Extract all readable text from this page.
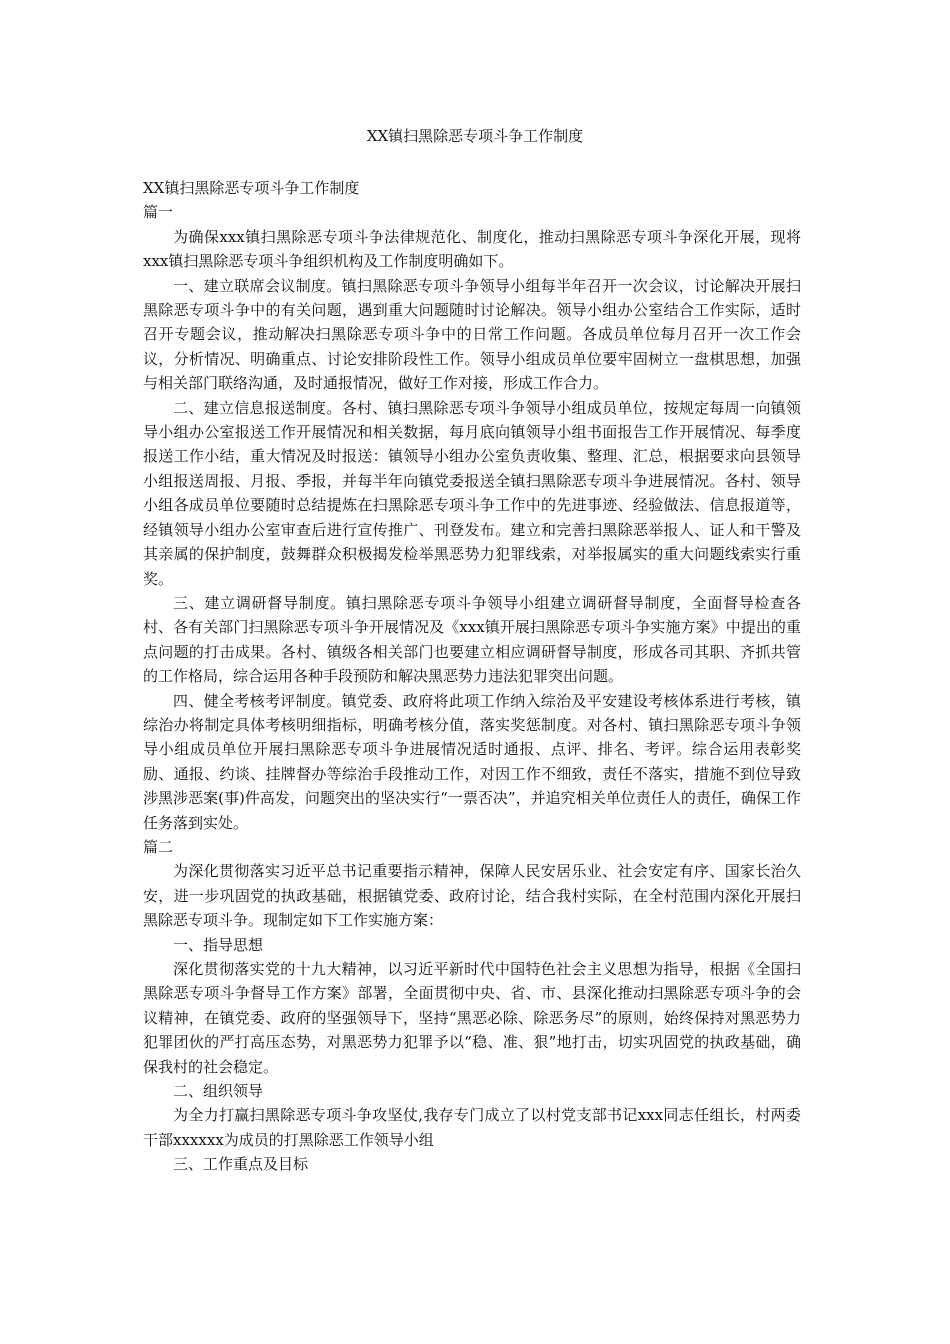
XX镇扫黑除恶专项斗争工作制度

XX镇扫黑除恶专项斗争工作制度

篇一

为确保xxx镇扫黑除恶专项斗争法律规范化、制度化，推动扫黑除恶专项斗争深化开展，现将xxx镇扫黑除恶专项斗争组织机构及工作制度明确如下。

一、建立联席会议制度。镇扫黑除恶专项斗争领导小组每半年召开一次会议，讨论解决开展扫黑除恶专项斗争中的有关问题，遇到重大问题随时讨论解决。领导小组办公室结合工作实际，适时召开专题会议，推动解决扫黑除恶专项斗争中的日常工作问题。各成员单位每月召开一次工作会议，分析情况、明确重点、讨论安排阶段性工作。领导小组成员单位要牢固树立一盘棋思想，加强与相关部门联络沟通，及时通报情况，做好工作对接，形成工作合力。

二、建立信息报送制度。各村、镇扫黑除恶专项斗争领导小组成员单位，按规定每周一向镇领导小组办公室报送工作开展情况和相关数据，每月底向镇领导小组书面报告工作开展情况、每季度报送工作小结，重大情况及时报送：镇领导小组办公室负责收集、整理、汇总，根据要求向县领导小组报送周报、月报、季报，并每半年向镇党委报送全镇扫黑除恶专项斗争进展情况。各村、领导小组各成员单位要随时总结提炼在扫黑除恶专项斗争工作中的先进事迹、经验做法、信息报道等，经镇领导小组办公室审查后进行宣传推广、刊登发布。建立和完善扫黑除恶举报人、证人和干警及其亲属的保护制度，鼓舞群众积极揭发检举黑恶势力犯罪线索，对举报属实的重大问题线索实行重奖。

三、建立调研督导制度。镇扫黑除恶专项斗争领导小组建立调研督导制度，全面督导检查各村、各有关部门扫黑除恶专项斗争开展情况及《xxx镇开展扫黑除恶专项斗争实施方案》中提出的重点问题的打击成果。各村、镇级各相关部门也要建立相应调研督导制度，形成各司其职、齐抓共管的工作格局，综合运用各种手段预防和解决黑恶势力违法犯罪突出问题。

四、健全考核考评制度。镇党委、政府将此项工作纳入综治及平安建设考核体系进行考核，镇综治办将制定具体考核明细指标，明确考核分值，落实奖惩制度。对各村、镇扫黑除恶专项斗争领导小组成员单位开展扫黑除恶专项斗争进展情况适时通报、点评、排名、考评。综合运用表彰奖励、通报、约谈、挂牌督办等综治手段推动工作，对因工作不细致，责任不落实，措施不到位导致涉黑涉恶案(事)件高发，问题突出的坚决实行“一票否决”，并追究相关单位责任人的责任，确保工作任务落到实处。

篇二

为深化贯彻落实习近平总书记重要指示精神，保障人民安居乐业、社会安定有序、国家长治久安，进一步巩固党的执政基础，根据镇党委、政府讨论，结合我村实际，在全村范围内深化开展扫黑除恶专项斗争。现制定如下工作实施方案：

一、指导思想

深化贯彻落实党的十九大精神，以习近平新时代中国特色社会主义思想为指导，根据《全国扫黑除恶专项斗争督导工作方案》部署，全面贯彻中央、省、市、县深化推动扫黑除恶专项斗争的会议精神，在镇党委、政府的坚强领导下，坚持“黑恶必除、除恶务尽”的原则，始终保持对黑恶势力犯罪团伙的严打高压态势，对黑恶势力犯罪予以“稳、准、狠”地打击，切实巩固党的执政基础，确保我村的社会稳定。

二、组织领导

为全力打赢扫黑除恶专项斗争攻坚仗,我存专门成立了以村党支部书记xxx同志任组长，村两委干部xxxxxx为成员的打黑除恶工作领导小组

三、工作重点及目标
